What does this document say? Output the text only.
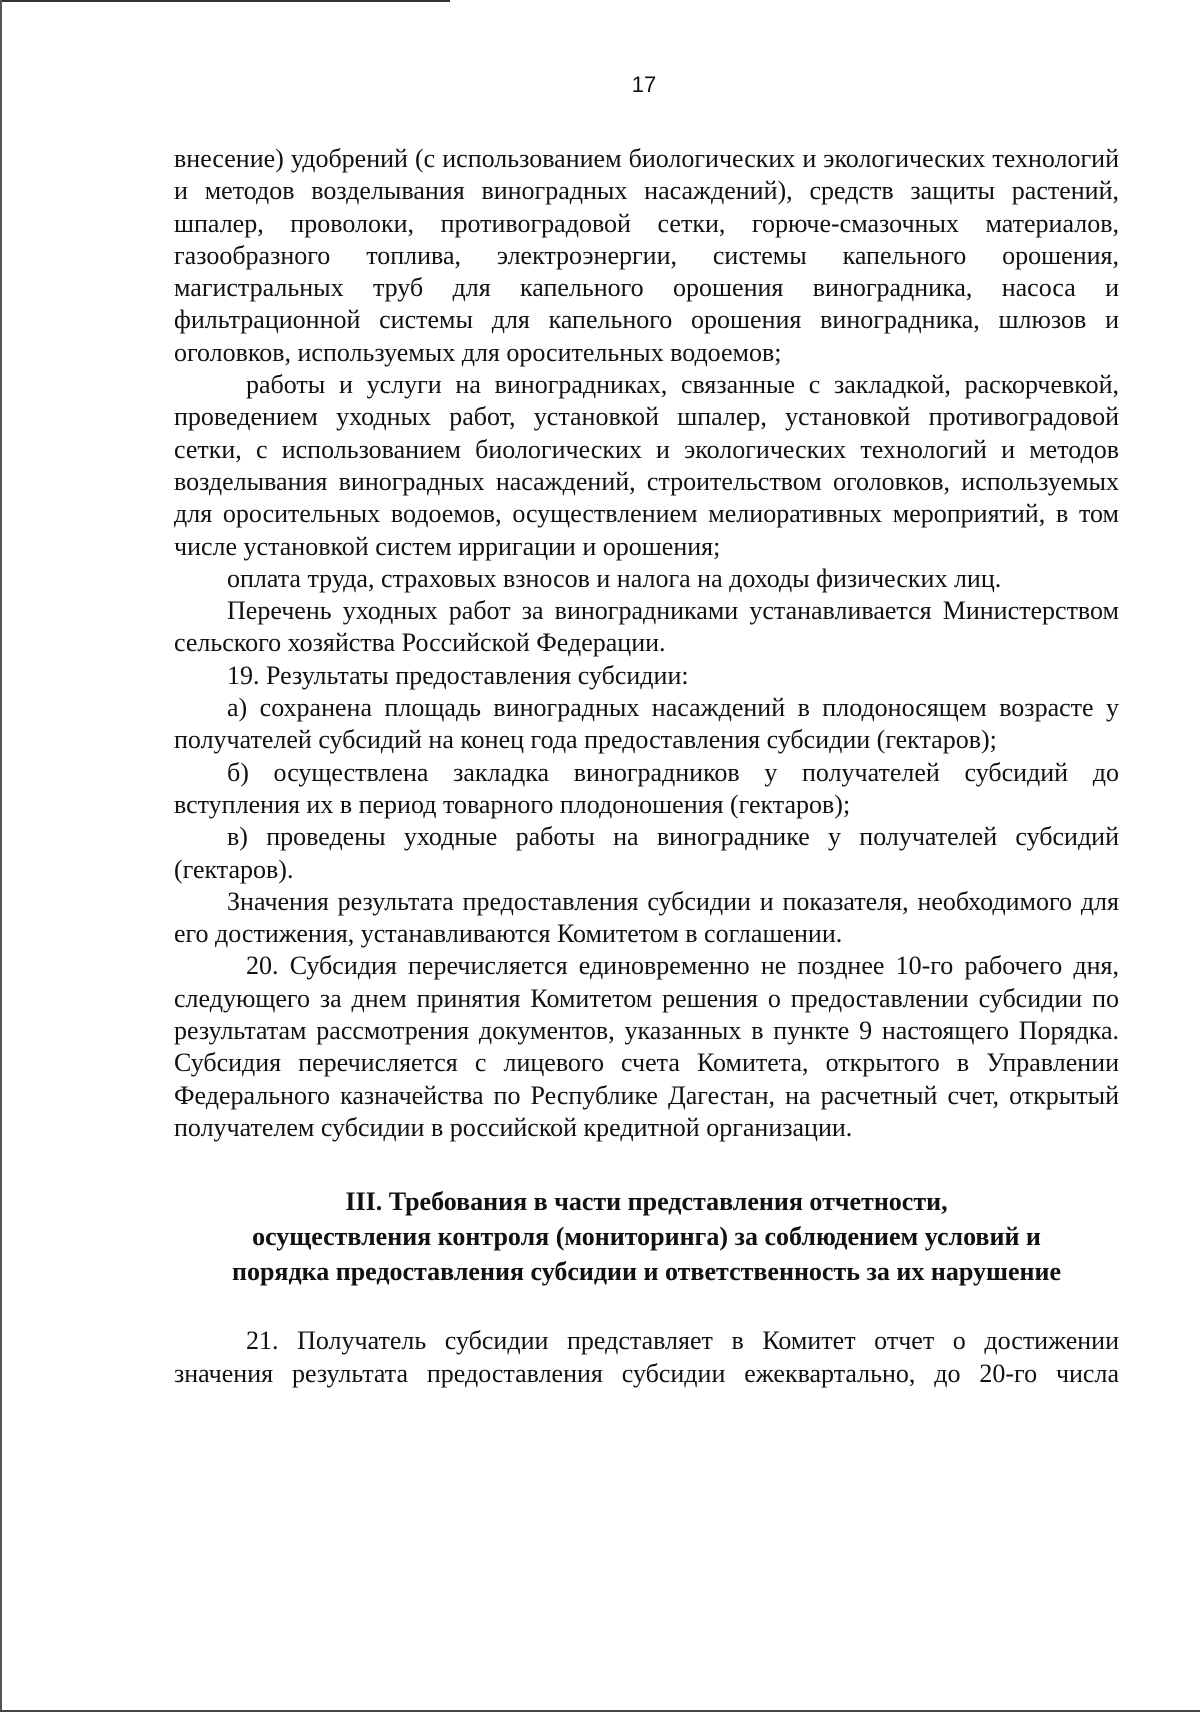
17

внесение) удобрений (с использованием биологических и экологических технологий и методов возделывания виноградных насаждений), средств защиты растений, шпалер, проволоки, противоградовой сетки, горюче-смазочных материалов, газообразного топлива, электроэнергии, системы капельного орошения, магистральных труб для капельного орошения виноградника, насоса и фильтрационной системы для капельного орошения виноградника, шлюзов и оголовков, используемых для оросительных водоемов;

работы и услуги на виноградниках, связанные с закладкой, раскорчевкой, проведением уходных работ, установкой шпалер, установкой противоградовой сетки, с использованием биологических и экологических технологий и методов возделывания виноградных насаждений, строительством оголовков, используемых для оросительных водоемов, осуществлением мелиоративных мероприятий, в том числе установкой систем ирригации и орошения;

оплата труда, страховых взносов и налога на доходы физических лиц.

Перечень уходных работ за виноградниками устанавливается Министерством сельского хозяйства Российской Федерации.

19. Результаты предоставления субсидии:

а) сохранена площадь виноградных насаждений в плодоносящем возрасте у получателей субсидий на конец года предоставления субсидии (гектаров);

б) осуществлена закладка виноградников у получателей субсидий до вступления их в период товарного плодоношения (гектаров);

в) проведены уходные работы на винограднике у получателей субсидий (гектаров).

Значения результата предоставления субсидии и показателя, необходимого для его достижения, устанавливаются Комитетом в соглашении.

20. Субсидия перечисляется единовременно не позднее 10-го рабочего дня, следующего за днем принятия Комитетом решения о предоставлении субсидии по результатам рассмотрения документов, указанных в пункте 9 настоящего Порядка. Субсидия перечисляется с лицевого счета Комитета, открытого в Управлении Федерального казначейства по Республике Дагестан, на расчетный счет, открытый получателем субсидии в российской кредитной организации.

III. Требования в части представления отчетности,
осуществления контроля (мониторинга) за соблюдением условий и
порядка предоставления субсидии и ответственность за их нарушение

21. Получатель субсидии представляет в Комитет отчет о достижении значения результата предоставления субсидии ежеквартально, до 20-го числа
